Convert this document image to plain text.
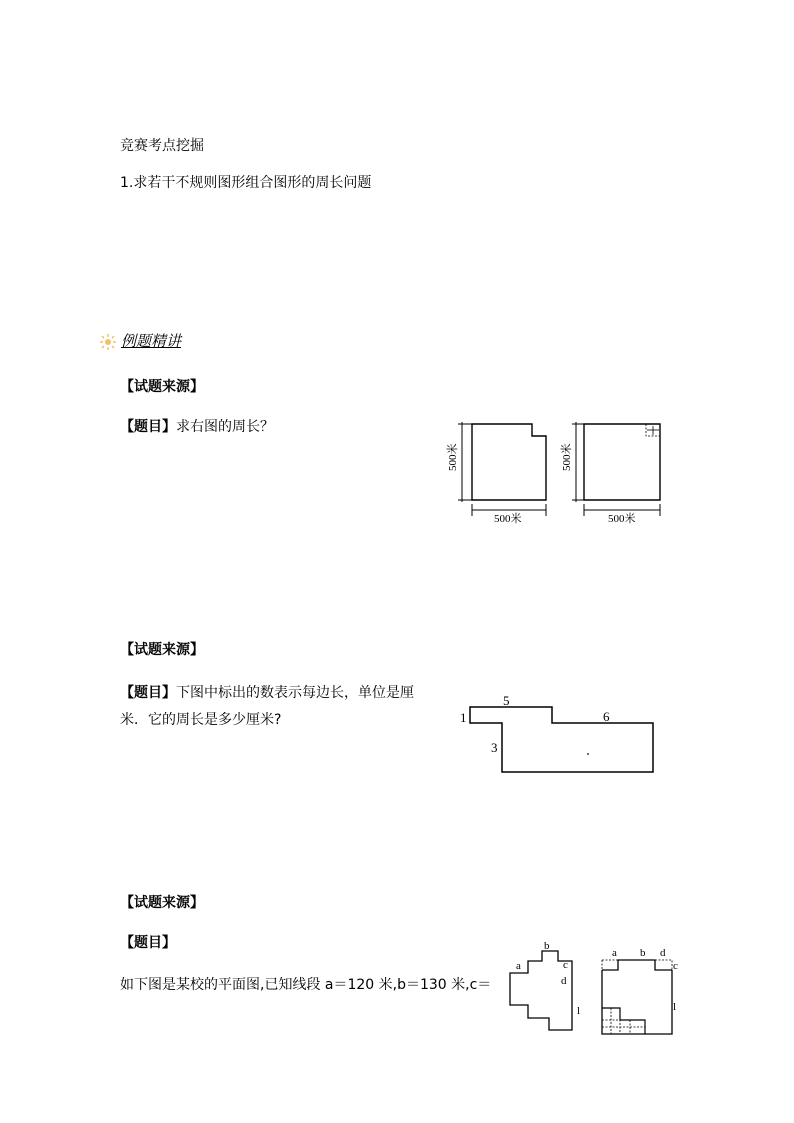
竞赛考点挖掘
1.求若干不规则图形组合图形的周长问题
例题精讲
【试题来源】
【题目】求右图的周长？
500米
500米
500米
500米
【试题来源】
【题目】下图中标出的数表示每边长，单位是厘
米．它的周长是多少厘米?
5
6
1
3
【试题来源】
【题目】
如下图是某校的平面图,已知线段 a＝120 米,b＝130 米,c＝
a
b
c
d
l
a b d
c
l
